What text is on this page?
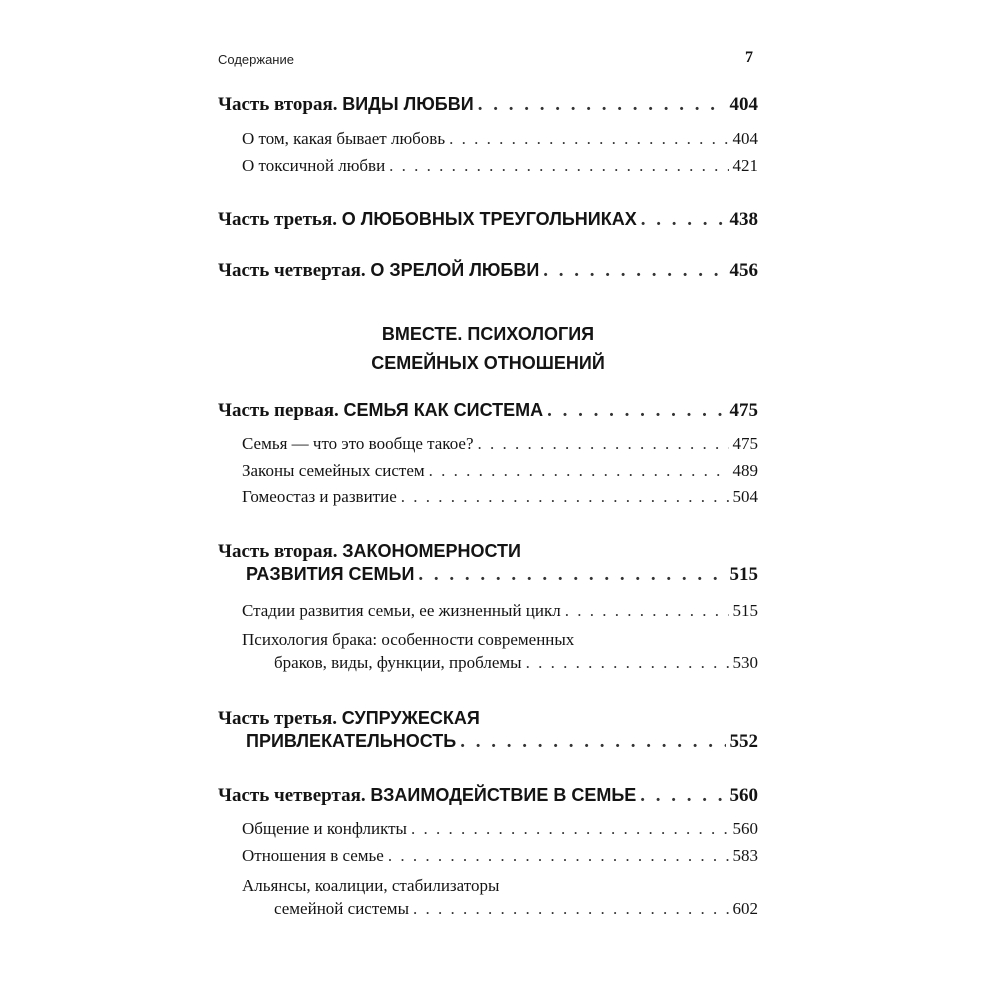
Содержание	7
Часть вторая. ВИДЫ ЛЮБВИ . . .	404
О том, какая бывает любовь . . .	404
О токсичной любви . . .	421
Часть третья. О ЛЮБОВНЫХ ТРЕУГОЛЬНИКАХ . . .	438
Часть четвертая. О ЗРЕЛОЙ ЛЮБВИ . . .	456
ВМЕСТЕ. ПСИХОЛОГИЯ
СЕМЕЙНЫХ ОТНОШЕНИЙ
Часть первая. СЕМЬЯ КАК СИСТЕМА . . .	475
Семья — что это вообще такое? . . .	475
Законы семейных систем . . .	489
Гомеостаз и развитие . . .	504
Часть вторая. ЗАКОНОМЕРНОСТИ
РАЗВИТИЯ СЕМЬИ . . .	515
Стадии развития семьи, ее жизненный цикл . . .	515
Психология брака: особенности современных
браков, виды, функции, проблемы . . .	530
Часть третья. СУПРУЖЕСКАЯ
ПРИВЛЕКАТЕЛЬНОСТЬ . . .	552
Часть четвертая. ВЗАИМОДЕЙСТВИЕ В СЕМЬЕ . . .	560
Общение и конфликты . . .	560
Отношения в семье . . .	583
Альянсы, коалиции, стабилизаторы
семейной системы . . .	602
